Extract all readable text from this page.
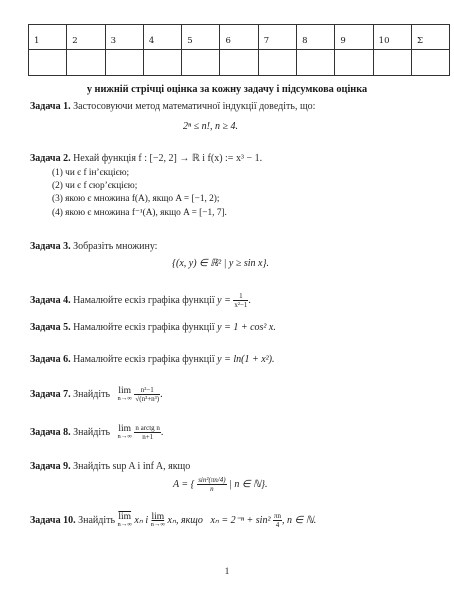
1	2	3	4	5	6	7	8	9	10	Σ

у нижній стрічці оцінка за кожну задачу і підсумкова оцінка
Задача 1. Застосовуючи метод математичної індукції доведіть, що:
2ⁿ ≤ n!, n ≥ 4.
Задача 2. Нехай функція f : [−2, 2] → ℝ і f(x) := x³ − 1.
(1) чи є f ін’єкцією;
(2) чи є f сюр’єкцією;
(3) якою є множина f(A), якщо A = [−1, 2);
(4) якою є множина f⁻¹(A), якщо A = [−1, 7].
Задача 3. Зобразіть множину:
{(x, y) ∈ ℝ² | y ≥ sin x}.
Задача 4. Намалюйте ескіз графіка функції $y = \frac{1}{\text{x²−1}}$ .
Задача 5. Намалюйте ескіз графіка функції y = 1 + cos² x.
Задача 6. Намалюйте ескіз графіка функції y = ln(1 + x²).
Задача 7. Знайдіть lim
n→∞
$\frac{\text{n²−1}}{\text{√(n³+n³)}}$ .
Задача 8. Знайдіть lim
n→∞
$\frac{\text{n arctg n}}{n+1}$ .
Задача 9. Знайдіть sup A і inf A, якщо
A = { $\frac{\text{sin²(πn/4)}}{n}$ | n ∈ ℕ}.
Задача 10. Знайдіть $\overline{lim}$
n→∞ xₙ і lim
n→∞ xₙ, якщо $x_n = 2^{-n} + \sin^2 \frac{\pi n}{4}$ , n ∈ ℕ.
1
